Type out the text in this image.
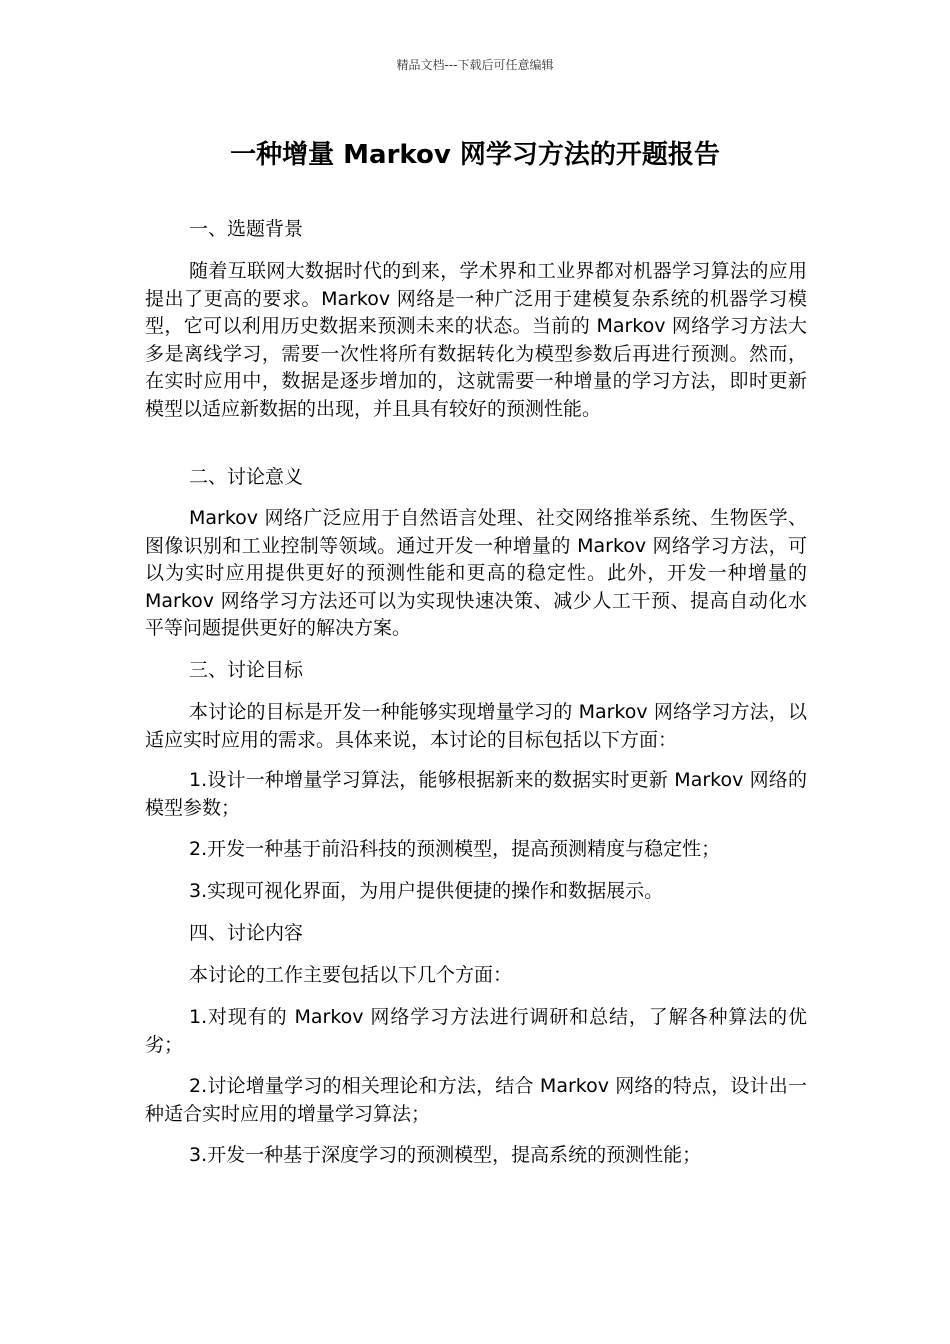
精品文档---下载后可任意编辑
一种增量 Markov 网学习方法的开题报告

一、选题背景

随着互联网大数据时代的到来，学术界和工业界都对机器学习算法的应用提出了更高的要求。Markov 网络是一种广泛用于建模复杂系统的机器学习模型，它可以利用历史数据来预测未来的状态。当前的 Markov 网络学习方法大多是离线学习，需要一次性将所有数据转化为模型参数后再进行预测。然而，在实时应用中，数据是逐步增加的，这就需要一种增量的学习方法，即时更新模型以适应新数据的出现，并且具有较好的预测性能。

二、讨论意义

Markov 网络广泛应用于自然语言处理、社交网络推举系统、生物医学、图像识别和工业控制等领域。通过开发一种增量的 Markov 网络学习方法，可以为实时应用提供更好的预测性能和更高的稳定性。此外，开发一种增量的 Markov 网络学习方法还可以为实现快速决策、减少人工干预、提高自动化水平等问题提供更好的解决方案。

三、讨论目标

本讨论的目标是开发一种能够实现增量学习的 Markov 网络学习方法，以适应实时应用的需求。具体来说，本讨论的目标包括以下方面：

1.设计一种增量学习算法，能够根据新来的数据实时更新 Markov 网络的模型参数；

2.开发一种基于前沿科技的预测模型，提高预测精度与稳定性；

3.实现可视化界面，为用户提供便捷的操作和数据展示。

四、讨论内容

本讨论的工作主要包括以下几个方面：

1.对现有的 Markov 网络学习方法进行调研和总结，了解各种算法的优劣；

2.讨论增量学习的相关理论和方法，结合 Markov 网络的特点，设计出一种适合实时应用的增量学习算法；

3.开发一种基于深度学习的预测模型，提高系统的预测性能；
